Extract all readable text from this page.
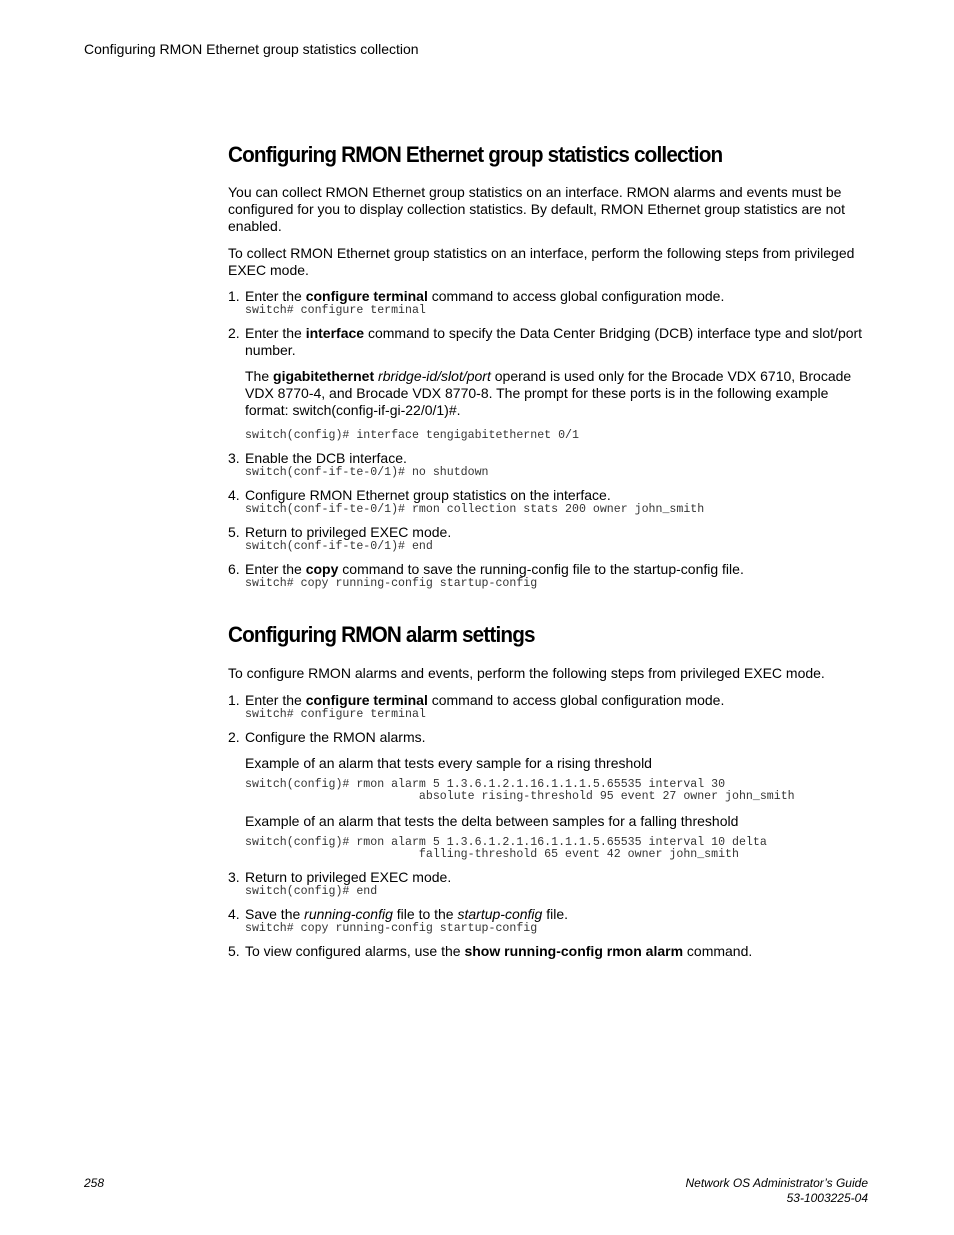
Configuring RMON Ethernet group statistics collection
Configuring RMON Ethernet group statistics collection

You can collect RMON Ethernet group statistics on an interface. RMON alarms and events must be configured for you to display collection statistics. By default, RMON Ethernet group statistics are not enabled.

To collect RMON Ethernet group statistics on an interface, perform the following steps from privileged EXEC mode.

1. Enter the configure terminal command to access global configuration mode.
switch# configure terminal
2. Enter the interface command to specify the Data Center Bridging (DCB) interface type and slot/port number.

The gigabitethernet rbridge-id/slot/port operand is used only for the Brocade VDX 6710, Brocade VDX 8770-4, and Brocade VDX 8770-8. The prompt for these ports is in the following example format: switch(config-if-gi-22/0/1)#.

switch(config)# interface tengigabitethernet 0/1
3. Enable the DCB interface.
switch(conf-if-te-0/1)# no shutdown
4. Configure RMON Ethernet group statistics on the interface.
switch(conf-if-te-0/1)# rmon collection stats 200 owner john_smith
5. Return to privileged EXEC mode.
switch(conf-if-te-0/1)# end
6. Enter the copy command to save the running-config file to the startup-config file.
switch# copy running-config startup-config
Configuring RMON alarm settings

To configure RMON alarms and events, perform the following steps from privileged EXEC mode.

1. Enter the configure terminal command to access global configuration mode.
switch# configure terminal
2. Configure the RMON alarms.

Example of an alarm that tests every sample for a rising threshold

switch(config)# rmon alarm 5 1.3.6.1.2.1.16.1.1.1.5.65535 interval 30
absolute rising-threshold 95 event 27 owner john_smith

Example of an alarm that tests the delta between samples for a falling threshold

switch(config)# rmon alarm 5 1.3.6.1.2.1.16.1.1.1.5.65535 interval 10 delta
falling-threshold 65 event 42 owner john_smith
3. Return to privileged EXEC mode.
switch(config)# end
4. Save the running-config file to the startup-config file.
switch# copy running-config startup-config
5. To view configured alarms, use the show running-config rmon alarm command.
258	Network OS Administrator’s Guide
53-1003225-04
